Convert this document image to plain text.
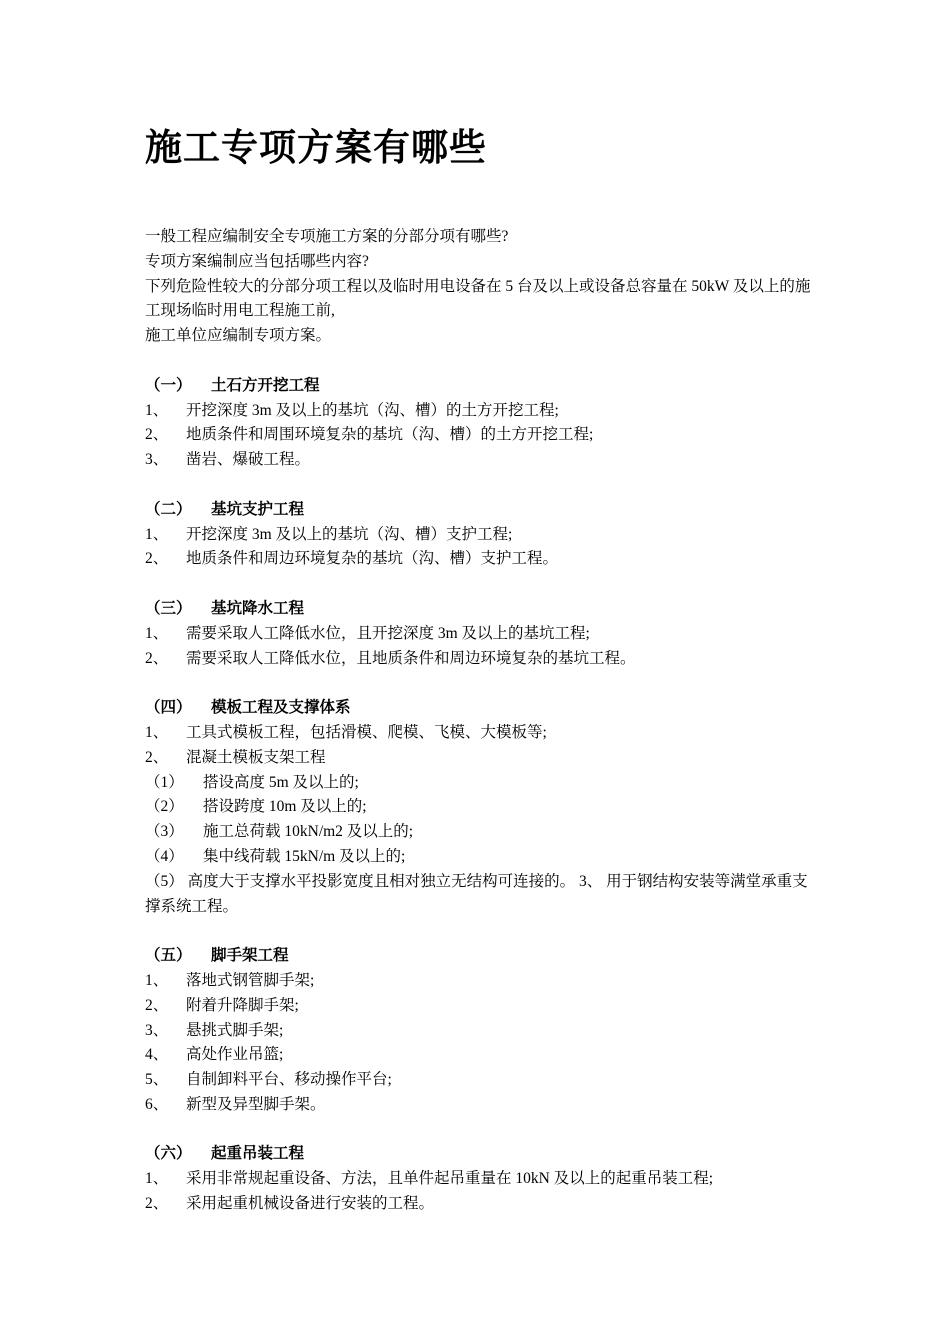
施工专项方案有哪些
一般工程应编制安全专项施工方案的分部分项有哪些?
专项方案编制应当包括哪些内容?
下列危险性较大的分部分项工程以及临时用电设备在 5 台及以上或设备总容量在 50kW 及以上的施工现场临时用电工程施工前,
施工单位应编制专项方案。
（一） 土石方开挖工程
1、 开挖深度 3m 及以上的基坑（沟、槽）的土方开挖工程;
2、 地质条件和周围环境复杂的基坑（沟、槽）的土方开挖工程;
3、 凿岩、爆破工程。
（二） 基坑支护工程
1、 开挖深度 3m 及以上的基坑（沟、槽）支护工程;
2、 地质条件和周边环境复杂的基坑（沟、槽）支护工程。
（三） 基坑降水工程
1、 需要采取人工降低水位，且开挖深度 3m 及以上的基坑工程;
2、 需要采取人工降低水位，且地质条件和周边环境复杂的基坑工程。
（四） 模板工程及支撑体系
1、 工具式模板工程，包括滑模、爬模、飞模、大模板等;
2、 混凝土模板支架工程
（1） 搭设高度 5m 及以上的;
（2） 搭设跨度 10m 及以上的;
（3） 施工总荷载 10kN/m2 及以上的;
（4） 集中线荷载 15kN/m 及以上的;
（5） 高度大于支撑水平投影宽度且相对独立无结构可连接的。 3、 用于钢结构安装等满堂承重支撑系统工程。
（五） 脚手架工程
1、 落地式钢管脚手架;
2、 附着升降脚手架;
3、 悬挑式脚手架;
4、 高处作业吊篮;
5、 自制卸料平台、移动操作平台;
6、 新型及异型脚手架。
（六） 起重吊装工程
1、 采用非常规起重设备、方法，且单件起吊重量在 10kN 及以上的起重吊装工程;
2、 采用起重机械设备进行安装的工程。
